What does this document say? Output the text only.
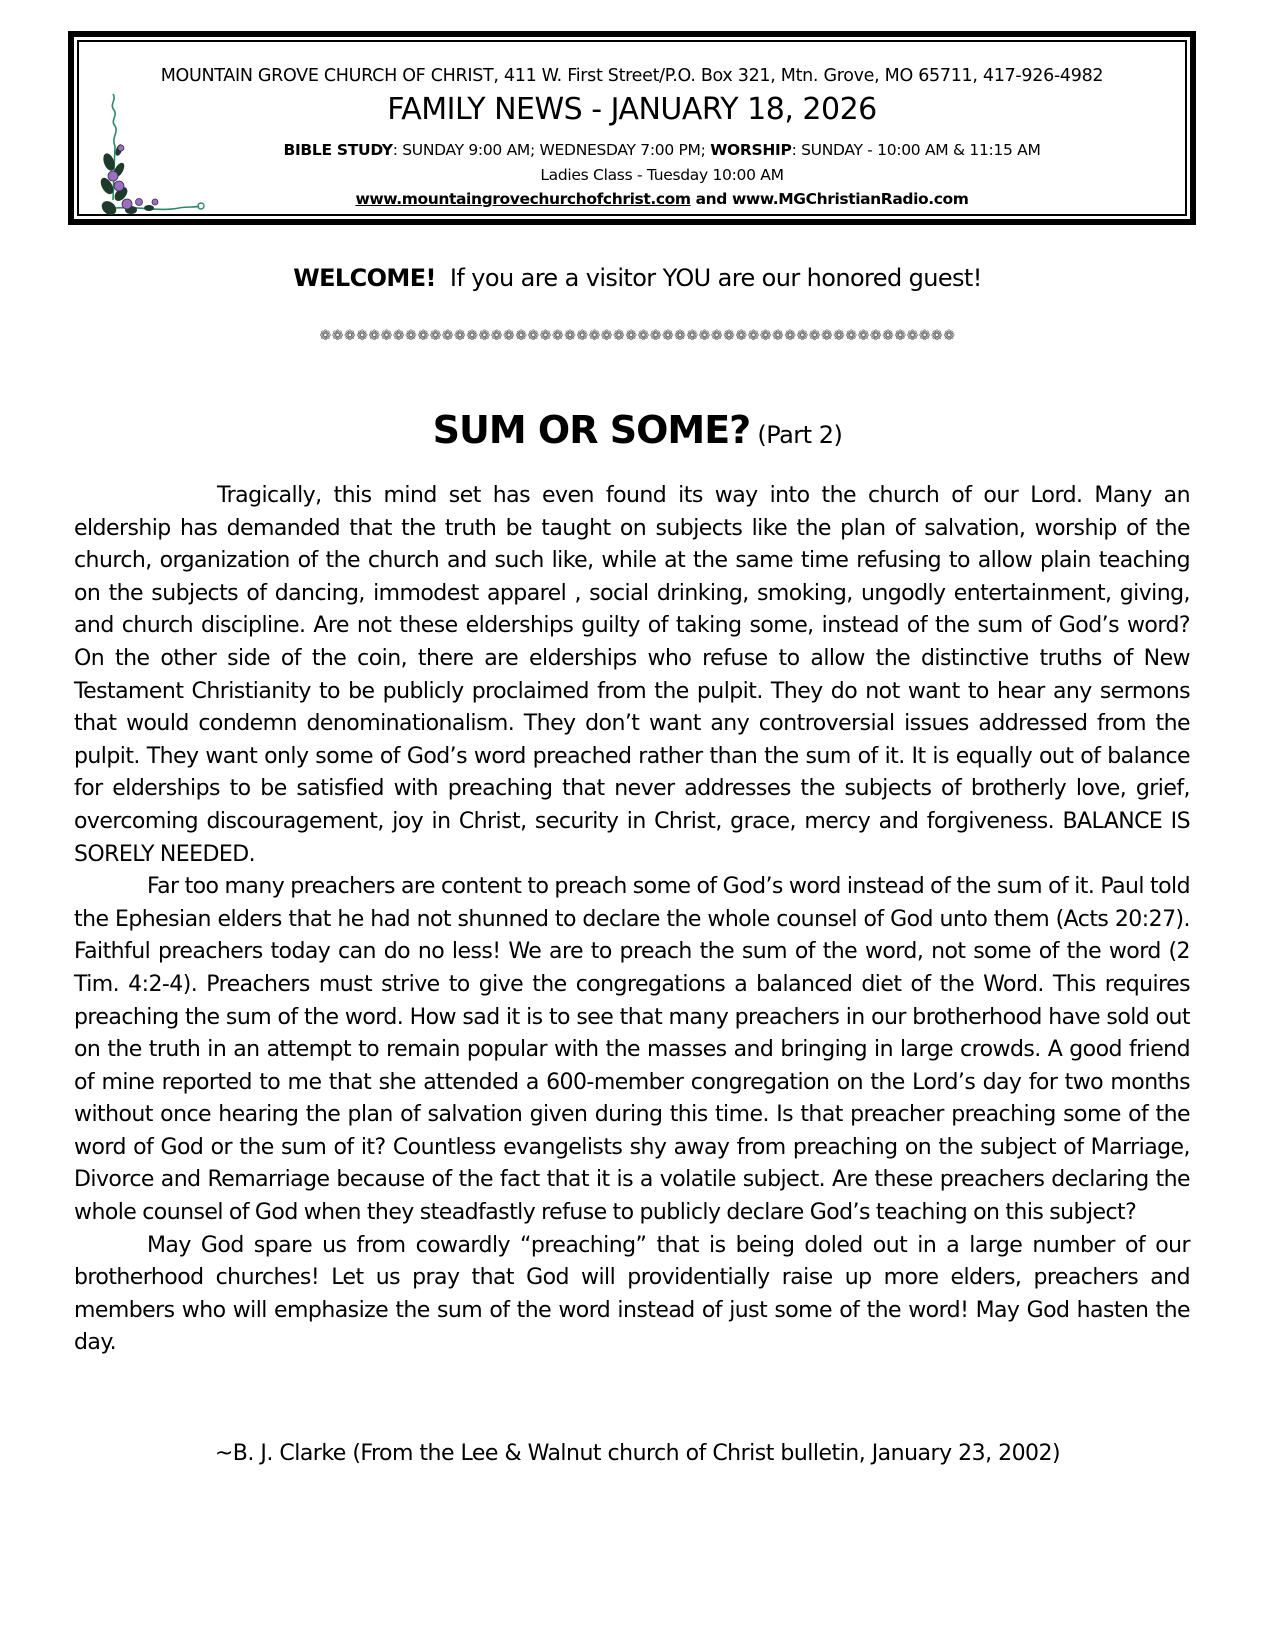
MOUNTAIN GROVE CHURCH OF CHRIST, 411 W. First Street/P.O. Box 321, Mtn. Grove, MO 65711, 417-926-4982
FAMILY NEWS - JANUARY 18, 2026
BIBLE STUDY: SUNDAY 9:00 AM; WEDNESDAY 7:00 PM; WORSHIP: SUNDAY - 10:00 AM & 11:15 AM
Ladies Class - Tuesday 10:00 AM
www.mountaingrovechurchofchrist.com and www.MGChristianRadio.com
WELCOME!  If you are a visitor YOU are our honored guest!
❁❁❁❁❁❁❁❁❁❁❁❁❁❁❁❁❁❁❁❁❁❁❁❁❁❁❁❁❁❁❁❁❁❁❁❁❁❁❁❁❁❁❁❁❁❁❁❁❁❁❁❁
SUM OR SOME? (Part 2)

Tragically, this mind set has even found its way into the church of our Lord. Many an eldership has demanded that the truth be taught on subjects like the plan of salvation, worship of the church, organization of the church and such like, while at the same time refusing to allow plain teaching on the subjects of dancing, immodest apparel , social drinking, smoking, ungodly entertainment, giving, and church discipline. Are not these elderships guilty of taking some, instead of the sum of God’s word? On the other side of the coin, there are elderships who refuse to allow the distinctive truths of New Testament Christianity to be publicly proclaimed from the pulpit. They do not want to hear any sermons that would condemn denominationalism. They don’t want any controversial issues addressed from the pulpit. They want only some of God’s word preached rather than the sum of it. It is equally out of balance for elderships to be satisfied with preaching that never addresses the subjects of brotherly love, grief, overcoming discouragement, joy in Christ, security in Christ, grace, mercy and forgiveness. BALANCE IS SORELY NEEDED.

Far too many preachers are content to preach some of God’s word instead of the sum of it. Paul told the Ephesian elders that he had not shunned to declare the whole counsel of God unto them (Acts 20:27). Faithful preachers today can do no less! We are to preach the sum of the word, not some of the word (2 Tim. 4:2-4). Preachers must strive to give the congregations a balanced diet of the Word. This requires preaching the sum of the word. How sad it is to see that many preachers in our brotherhood have sold out on the truth in an attempt to remain popular with the masses and bringing in large crowds. A good friend of mine reported to me that she attended a 600-member congregation on the Lord’s day for two months without once hearing the plan of salvation given during this time. Is that preacher preaching some of the word of God or the sum of it? Countless evangelists shy away from preaching on the subject of Marriage, Divorce and Remarriage because of the fact that it is a volatile subject. Are these preachers declaring the whole counsel of God when they steadfastly refuse to publicly declare God’s teaching on this subject?

May God spare us from cowardly “preaching” that is being doled out in a large number of our brotherhood churches! Let us pray that God will providentially raise up more elders, preachers and members who will emphasize the sum of the word instead of just some of the word! May God hasten the day.

~B. J. Clarke (From the Lee & Walnut church of Christ bulletin, January 23, 2002)
